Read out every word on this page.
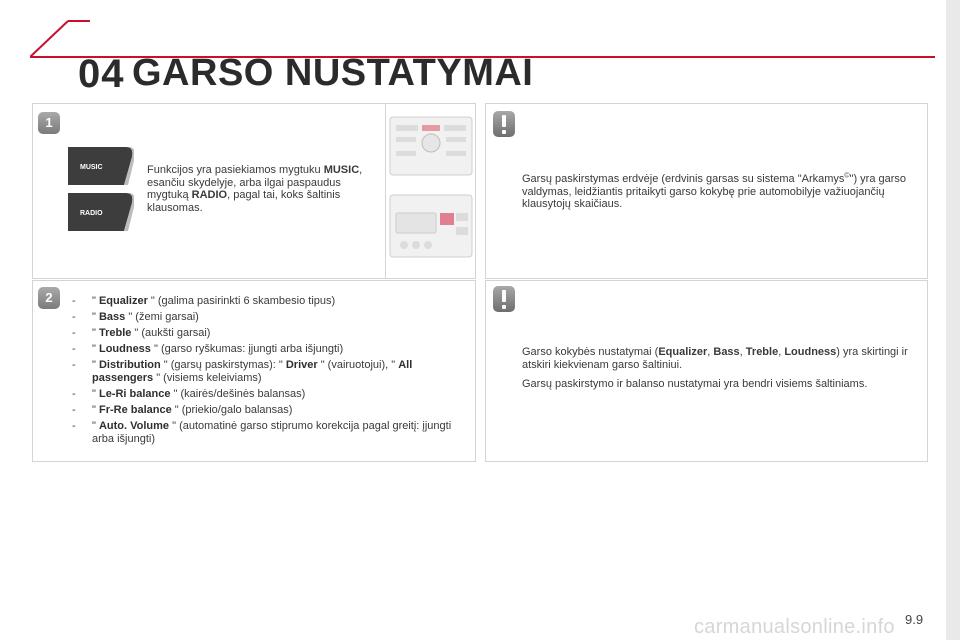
04 GARSO NUSTATYMAI
1
2
MUSIC
RADIO
Funkcijos yra pasiekiamos mygtuku MUSIC, esančiu skydelyje, arba ilgai paspaudus mygtuką RADIO, pagal tai, koks šaltinis klausomas.
- " Equalizer " (galima pasirinkti 6 skambesio tipus)
- " Bass " (žemi garsai)
- " Treble " (aukšti garsai)
- " Loudness " (garso ryškumas: įjungti arba išjungti)
- " Distribution " (garsų paskirstymas): " Driver " (vairuotojui), " All passengers " (visiems keleiviams)
- " Le-Ri balance " (kairės/dešinės balansas)
- " Fr-Re balance " (priekio/galo balansas)
- " Auto. Volume " (automatinė garso stiprumo korekcija pagal greitį: įjungti arba išjungti)
Garsų paskirstymas erdvėje (erdvinis garsas su sistema "Arkamys©") yra garso valdymas, leidžiantis pritaikyti garso kokybę prie automobilyje važiuojančių klausytojų skaičiaus.

Garso kokybės nustatymai (Equalizer, Bass, Treble, Loudness) yra skirtingi ir atskiri kiekvienam garso šaltiniui.

Garsų paskirstymo ir balanso nustatymai yra bendri visiems šaltiniams.

carmanualsonline.info 9.9
